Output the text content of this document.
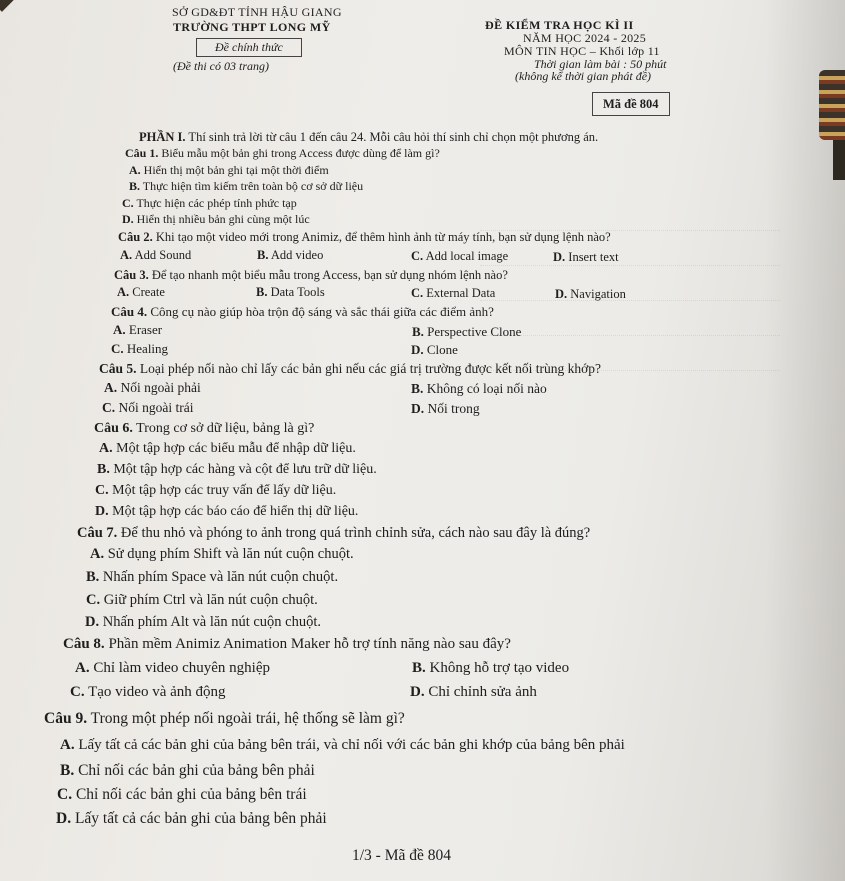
SỞ GD&ĐT TỈNH HẬU GIANG
TRƯỜNG THPT LONG MỸ
Đề chính thức
(Đề thi có 03 trang)
ĐỀ KIỂM TRA HỌC KÌ II
NĂM HỌC 2024 - 2025
MÔN TIN HỌC – Khối lớp 11
Thời gian làm bài : 50 phút
(không kể thời gian phát đề)
Mã đề 804
PHẦN I. Thí sinh trả lời từ câu 1 đến câu 24. Mỗi câu hỏi thí sinh chỉ chọn một phương án.
Câu 1. Biểu mẫu một bản ghi trong Access được dùng để làm gì?
A. Hiển thị một bản ghi tại một thời điểm
B. Thực hiện tìm kiếm trên toàn bộ cơ sở dữ liệu
C. Thực hiện các phép tính phức tạp
D. Hiển thị nhiều bản ghi cùng một lúc
Câu 2. Khi tạo một video mới trong Animiz, để thêm hình ảnh từ máy tính, bạn sử dụng lệnh nào?
A. Add Sound	B. Add video	C. Add local image	D. Insert text
Câu 3. Để tạo nhanh một biểu mẫu trong Access, bạn sử dụng nhóm lệnh nào?
A. Create	B. Data Tools	C. External Data	D. Navigation
Câu 4. Công cụ nào giúp hòa trộn độ sáng và sắc thái giữa các điểm ảnh?
A. Eraser	B. Perspective Clone
C. Healing	D. Clone
Câu 5. Loại phép nối nào chỉ lấy các bản ghi nếu các giá trị trường được kết nối trùng khớp?
A. Nối ngoài phải	B. Không có loại nối nào
C. Nối ngoài trái	D. Nối trong
Câu 6. Trong cơ sở dữ liệu, bảng là gì?
A. Một tập hợp các biểu mẫu để nhập dữ liệu.
B. Một tập hợp các hàng và cột để lưu trữ dữ liệu.
C. Một tập hợp các truy vấn để lấy dữ liệu.
D. Một tập hợp các báo cáo để hiển thị dữ liệu.
Câu 7. Để thu nhỏ và phóng to ảnh trong quá trình chỉnh sửa, cách nào sau đây là đúng?
A. Sử dụng phím Shift và lăn nút cuộn chuột.
B. Nhấn phím Space và lăn nút cuộn chuột.
C. Giữ phím Ctrl và lăn nút cuộn chuột.
D. Nhấn phím Alt và lăn nút cuộn chuột.
Câu 8. Phần mềm Animiz Animation Maker hỗ trợ tính năng nào sau đây?
A. Chỉ làm video chuyên nghiệp	B. Không hỗ trợ tạo video
C. Tạo video và ảnh động	D. Chỉ chỉnh sửa ảnh
Câu 9. Trong một phép nối ngoài trái, hệ thống sẽ làm gì?
A. Lấy tất cả các bản ghi của bảng bên trái, và chỉ nối với các bản ghi khớp của bảng bên phải
B. Chỉ nối các bản ghi của bảng bên phải
C. Chỉ nối các bản ghi của bảng bên trái
D. Lấy tất cả các bản ghi của bảng bên phải
1/3 - Mã đề 804
